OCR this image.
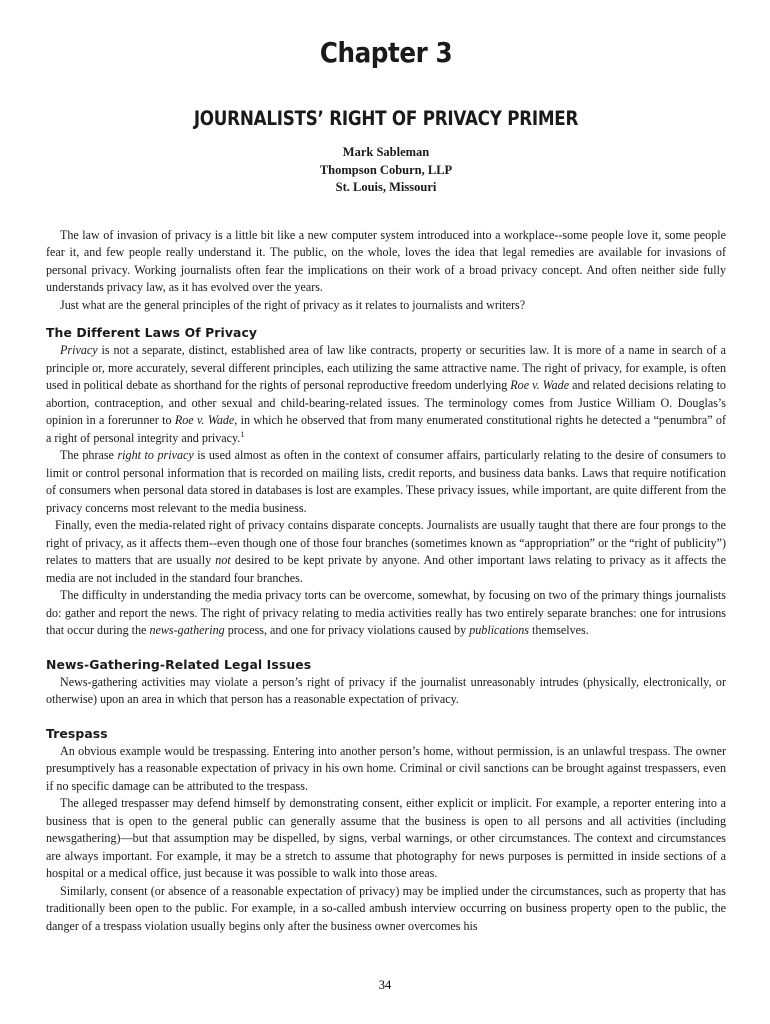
Chapter 3
JOURNALISTS’ RIGHT OF PRIVACY PRIMER
Mark Sableman
Thompson Coburn, LLP
St. Louis, Missouri

The law of invasion of privacy is a little bit like a new computer system introduced into a workplace--some people love it, some people fear it, and few people really understand it. The public, on the whole, loves the idea that legal remedies are available for invasions of personal privacy. Working journalists often fear the implications on their work of a broad privacy concept. And often neither side fully understands privacy law, as it has evolved over the years.

Just what are the general principles of the right of privacy as it relates to journalists and writers?

The Different Laws Of Privacy

Privacy is not a separate, distinct, established area of law like contracts, property or securities law. It is more of a name in search of a principle or, more accurately, several different principles, each utilizing the same attractive name. The right of privacy, for example, is often used in political debate as shorthand for the rights of personal reproductive freedom underlying Roe v. Wade and related decisions relating to abortion, contraception, and other sexual and child-bearing-related issues. The terminology comes from Justice William O. Douglas’s opinion in a forerunner to Roe v. Wade, in which he observed that from many enumerated constitutional rights he detected a “penumbra” of a right of personal integrity and privacy.$^1$

The phrase right to privacy is used almost as often in the context of consumer affairs, particularly relating to the desire of consumers to limit or control personal information that is recorded on mailing lists, credit reports, and business data banks. Laws that require notification of consumers when personal data stored in databases is lost are examples. These privacy issues, while important, are quite different from the privacy concerns most relevant to the media business.

Finally, even the media-related right of privacy contains disparate concepts. Journalists are usually taught that there are four prongs to the right of privacy, as it affects them--even though one of those four branches (sometimes known as “appropriation” or the “right of publicity”) relates to matters that are usually not desired to be kept private by anyone. And other important laws relating to privacy as it affects the media are not included in the standard four branches.

The difficulty in understanding the media privacy torts can be overcome, somewhat, by focusing on two of the primary things journalists do: gather and report the news. The right of privacy relating to media activities really has two entirely separate branches: one for intrusions that occur during the news-gathering process, and one for privacy violations caused by publications themselves.

News-Gathering-Related Legal Issues

News-gathering activities may violate a person’s right of privacy if the journalist unreasonably intrudes (physically, electronically, or otherwise) upon an area in which that person has a reasonable expectation of privacy.

Trespass

An obvious example would be trespassing. Entering into another person’s home, without permission, is an unlawful trespass. The owner presumptively has a reasonable expectation of privacy in his own home. Criminal or civil sanctions can be brought against trespassers, even if no specific damage can be attributed to the trespass.

The alleged trespasser may defend himself by demonstrating consent, either explicit or implicit. For example, a reporter entering into a business that is open to the general public can generally assume that the business is open to all persons and all activities (including newsgathering)—but that assumption may be dispelled, by signs, verbal warnings, or other circumstances. The context and circumstances are always important. For example, it may be a stretch to assume that photography for news purposes is permitted in inside sections of a hospital or a medical office, just because it was possible to walk into those areas.

Similarly, consent (or absence of a reasonable expectation of privacy) may be implied under the circumstances, such as property that has traditionally been open to the public. For example, in a so-called ambush interview occurring on business property open to the public, the danger of a trespass violation usually begins only after the business owner overcomes his

34
